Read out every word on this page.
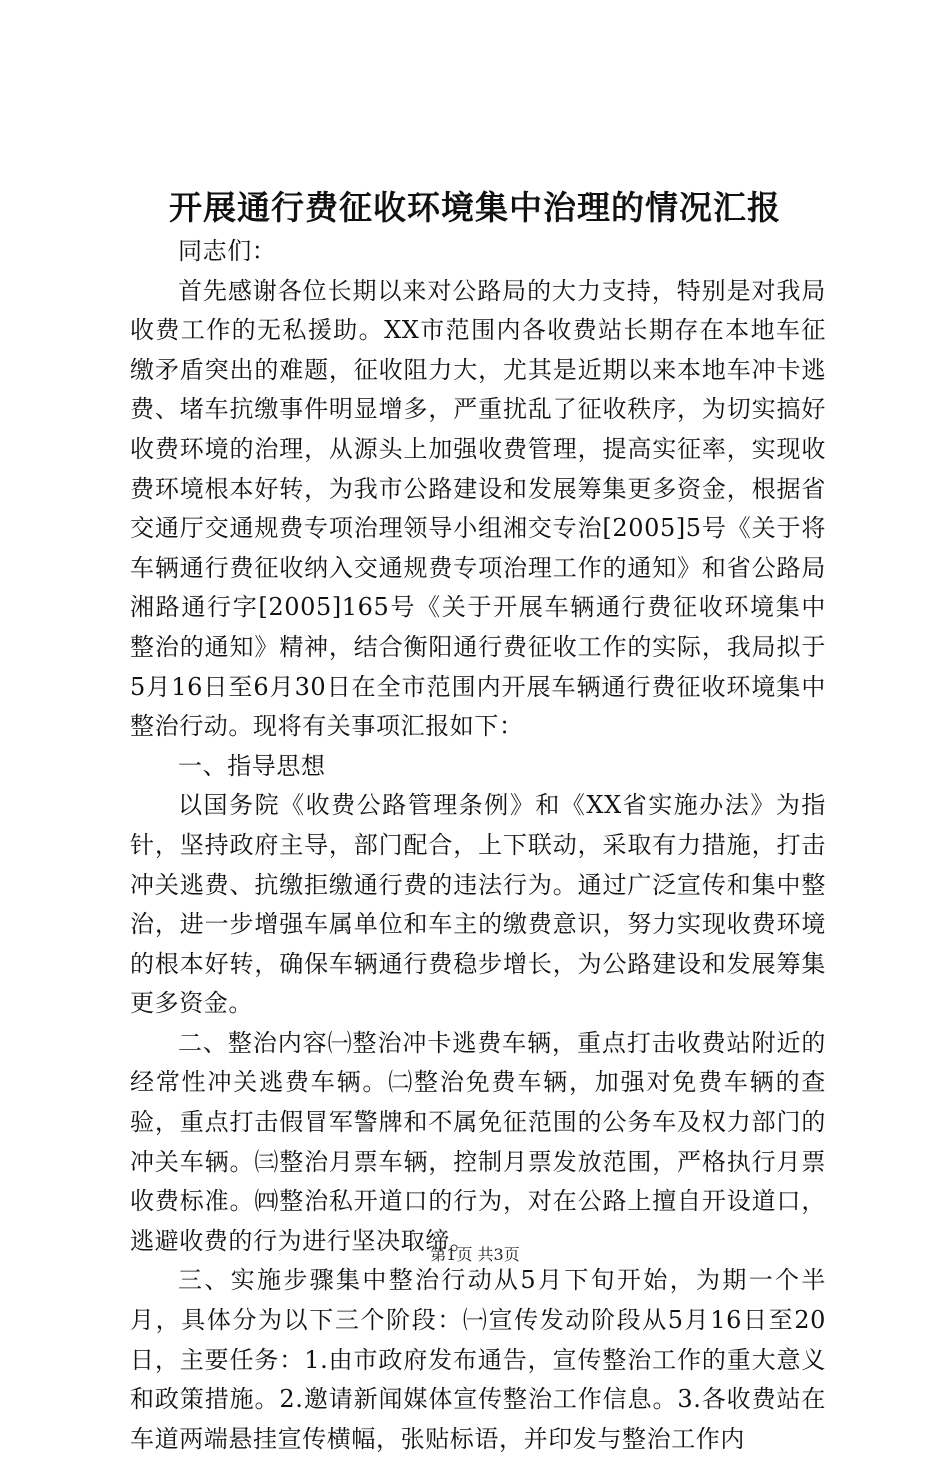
开展通行费征收环境集中治理的情况汇报

同志们：

首先感谢各位长期以来对公路局的大力支持，特别是对我局收费工作的无私援助。XX市范围内各收费站长期存在本地车征缴矛盾突出的难题，征收阻力大，尤其是近期以来本地车冲卡逃费、堵车抗缴事件明显增多，严重扰乱了征收秩序，为切实搞好收费环境的治理，从源头上加强收费管理，提高实征率，实现收费环境根本好转，为我市公路建设和发展筹集更多资金，根据省交通厅交通规费专项治理领导小组湘交专治[2005]5号《关于将车辆通行费征收纳入交通规费专项治理工作的通知》和省公路局湘路通行字[2005]165号《关于开展车辆通行费征收环境集中整治的通知》精神，结合衡阳通行费征收工作的实际，我局拟于5月16日至6月30日在全市范围内开展车辆通行费征收环境集中整治行动。现将有关事项汇报如下：

一、指导思想

以国务院《收费公路管理条例》和《XX省实施办法》为指针，坚持政府主导，部门配合，上下联动，采取有力措施，打击冲关逃费、抗缴拒缴通行费的违法行为。通过广泛宣传和集中整治，进一步增强车属单位和车主的缴费意识，努力实现收费环境的根本好转，确保车辆通行费稳步增长，为公路建设和发展筹集更多资金。

二、整治内容㈠整治冲卡逃费车辆，重点打击收费站附近的经常性冲关逃费车辆。㈡整治免费车辆，加强对免费车辆的查验，重点打击假冒军警牌和不属免征范围的公务车及权力部门的冲关车辆。㈢整治月票车辆，控制月票发放范围，严格执行月票收费标准。㈣整治私开道口的行为，对在公路上擅自开设道口，逃避收费的行为进行坚决取缔。

三、实施步骤集中整治行动从5月下旬开始，为期一个半月，具体分为以下三个阶段：㈠宣传发动阶段从5月16日至20日，主要任务：1.由市政府发布通告，宣传整治工作的重大意义和政策措施。2.邀请新闻媒体宣传整治工作信息。3.各收费站在车道两端悬挂宣传横幅，张贴标语，并印发与整治工作内

第1页 共3页
